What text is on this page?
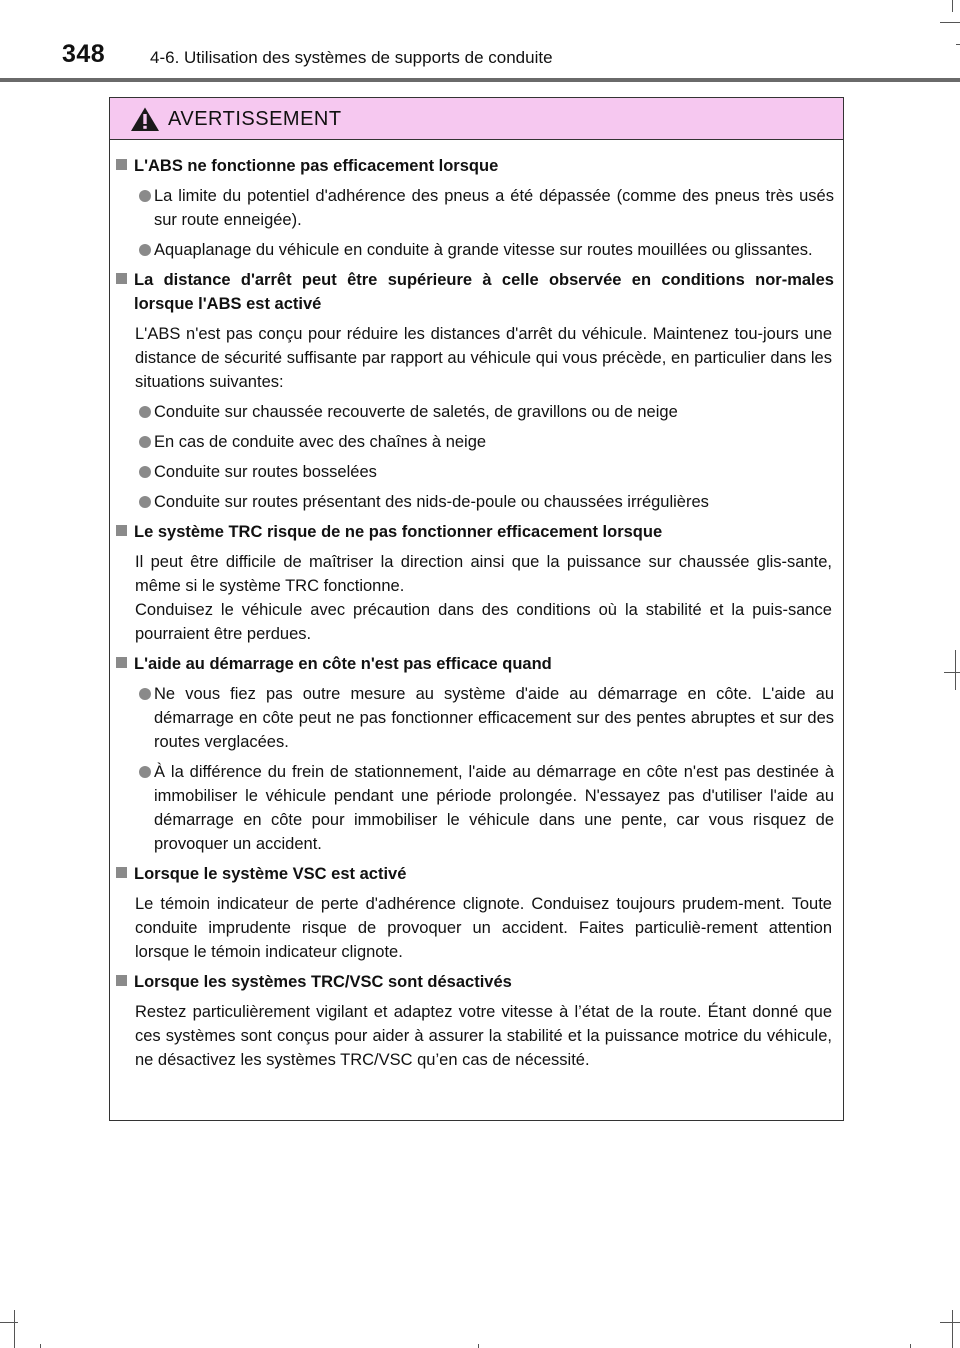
348	4-6. Utilisation des systèmes de supports de conduite
AVERTISSEMENT
L'ABS ne fonctionne pas efficacement lorsque
La limite du potentiel d'adhérence des pneus a été dépassée (comme des pneus très usés sur route enneigée).
Aquaplanage du véhicule en conduite à grande vitesse sur routes mouillées ou glissantes.
La distance d'arrêt peut être supérieure à celle observée en conditions nor-males lorsque l'ABS est activé
L'ABS n'est pas conçu pour réduire les distances d'arrêt du véhicule. Maintenez tou-jours une distance de sécurité suffisante par rapport au véhicule qui vous précède, en particulier dans les situations suivantes:
Conduite sur chaussée recouverte de saletés, de gravillons ou de neige
En cas de conduite avec des chaînes à neige
Conduite sur routes bosselées
Conduite sur routes présentant des nids-de-poule ou chaussées irrégulières
Le système TRC risque de ne pas fonctionner efficacement lorsque
Il peut être difficile de maîtriser la direction ainsi que la puissance sur chaussée glis-sante, même si le système TRC fonctionne.
Conduisez le véhicule avec précaution dans des conditions où la stabilité et la puis-sance pourraient être perdues.
L'aide au démarrage en côte n'est pas efficace quand
Ne vous fiez pas outre mesure au système d'aide au démarrage en côte. L'aide au démarrage en côte peut ne pas fonctionner efficacement sur des pentes abruptes et sur des routes verglacées.
À la différence du frein de stationnement, l'aide au démarrage en côte n'est pas destinée à immobiliser le véhicule pendant une période prolongée. N'essayez pas d'utiliser l'aide au démarrage en côte pour immobiliser le véhicule dans une pente, car vous risquez de provoquer un accident.
Lorsque le système VSC est activé
Le témoin indicateur de perte d'adhérence clignote. Conduisez toujours prudem-ment. Toute conduite imprudente risque de provoquer un accident. Faites particuliè-rement attention lorsque le témoin indicateur clignote.
Lorsque les systèmes TRC/VSC sont désactivés
Restez particulièrement vigilant et adaptez votre vitesse à l’état de la route. Étant donné que ces systèmes sont conçus pour aider à assurer la stabilité et la puissance motrice du véhicule, ne désactivez les systèmes TRC/VSC qu’en cas de nécessité.
